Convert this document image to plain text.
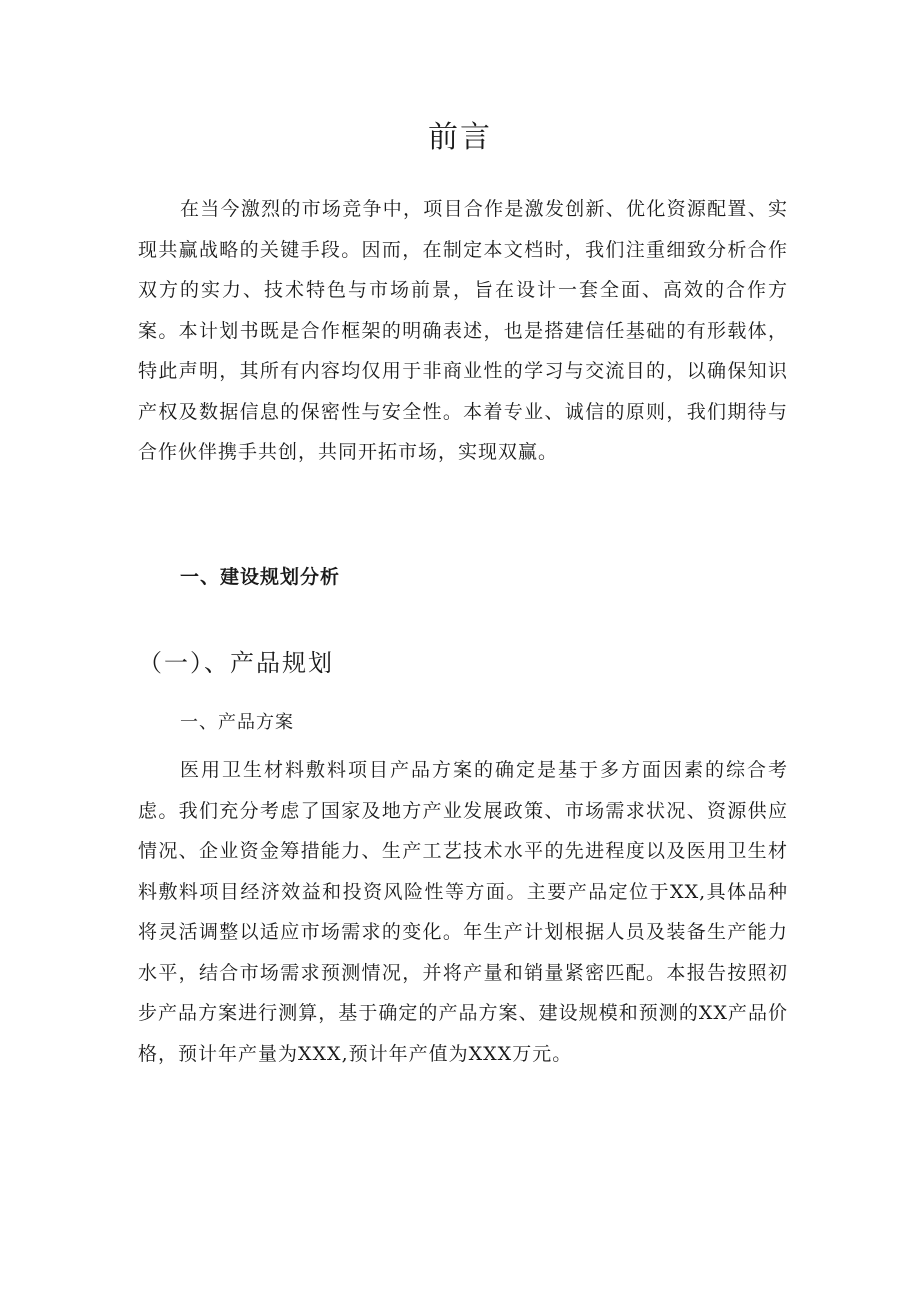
前言

在当今激烈的市场竞争中，项目合作是激发创新、优化资源配置、实现共赢战略的关键手段。因而，在制定本文档时，我们注重细致分析合作双方的实力、技术特色与市场前景，旨在设计一套全面、高效的合作方案。本计划书既是合作框架的明确表述，也是搭建信任基础的有形载体，特此声明，其所有内容均仅用于非商业性的学习与交流目的，以确保知识产权及数据信息的保密性与安全性。本着专业、诚信的原则，我们期待与合作伙伴携手共创，共同开拓市场，实现双赢。

一、建设规划分析
（一）、产品规划
一、产品方案

医用卫生材料敷料项目产品方案的确定是基于多方面因素的综合考虑。我们充分考虑了国家及地方产业发展政策、市场需求状况、资源供应情况、企业资金筹措能力、生产工艺技术水平的先进程度以及医用卫生材料敷料项目经济效益和投资风险性等方面。主要产品定位于XX,具体品种将灵活调整以适应市场需求的变化。年生产计划根据人员及装备生产能力水平，结合市场需求预测情况，并将产量和销量紧密匹配。本报告按照初步产品方案进行测算，基于确定的产品方案、建设规模和预测的XX产品价格，预计年产量为XXX,预计年产值为XXX万元。
